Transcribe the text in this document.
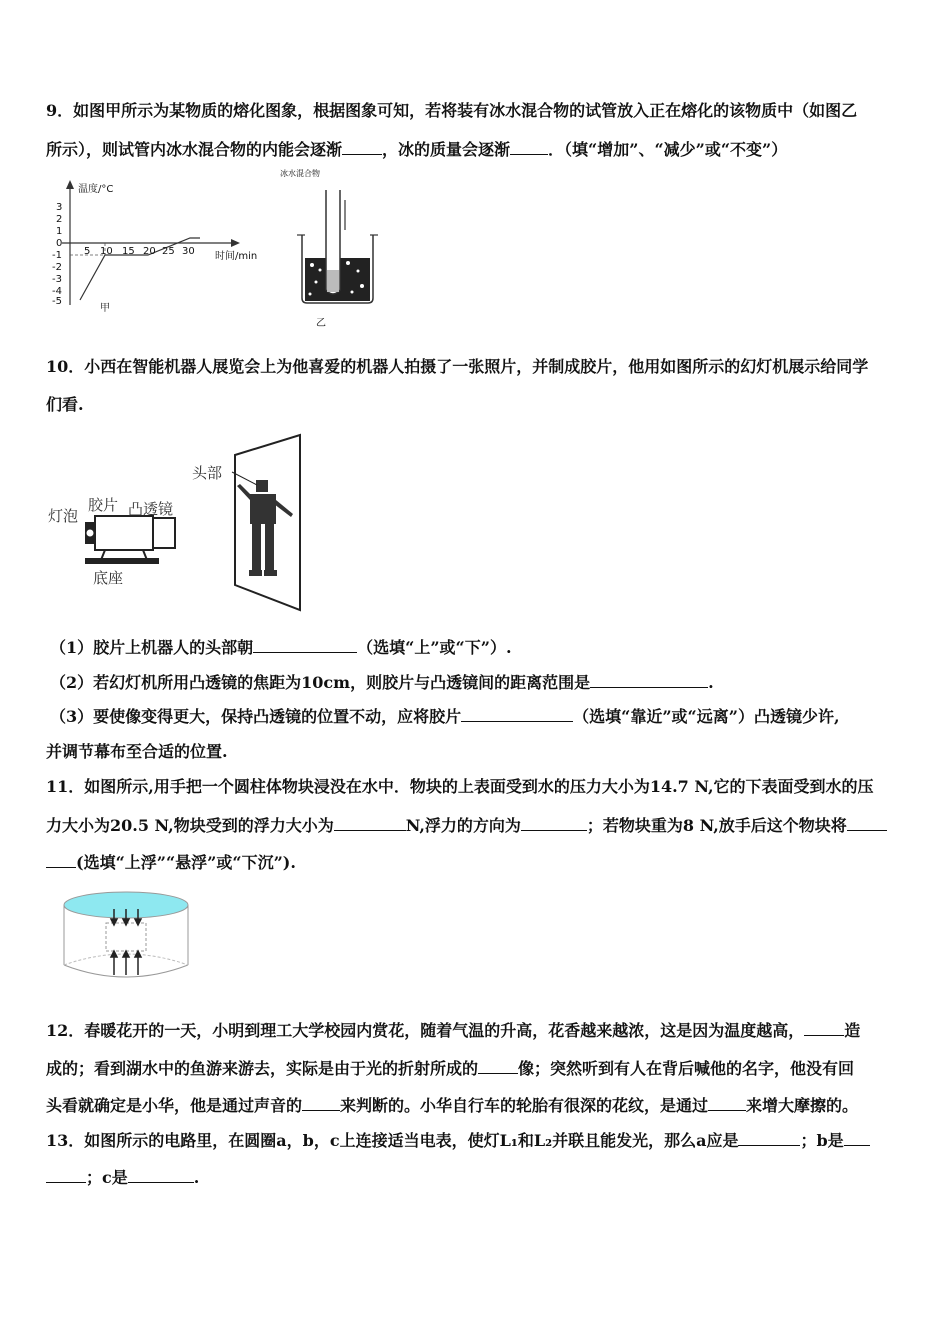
9．如图甲所示为某物质的熔化图象，根据图象可知，若将装有冰水混合物的试管放入正在熔化的该物质中（如图乙
所示），则试管内冰水混合物的内能会逐渐	，冰的质量会逐渐 ．（填“增加”、“减少”或“不变”）
温度/°C
时间/min
3
2
1
0
-1
-2
-3
-4
-5
5 10 15 20 25 30
甲
冰水混合物
乙
10．小西在智能机器人展览会上为他喜爱的机器人拍摄了一张照片，并制成胶片，他用如图所示的幻灯机展示给同学
们看.
灯泡
胶片 凸透镜
底座
头部
（1）胶片上机器人的头部朝	（选填“上”或“下”）.
（2）若幻灯机所用凸透镜的焦距为10cm，则胶片与凸透镜间的距离范围是	.
（3）要使像变得更大，保持凸透镜的位置不动，应将胶片	（选填“靠近”或“远离”）凸透镜少许,
并调节幕布至合适的位置.
11．如图所示,用手把一个圆柱体物块浸没在水中．物块的上表面受到水的压力大小为14.7 N,它的下表面受到水的压
力大小为20.5 N,物块受到的浮力大小为	N,浮力的方向为	；若物块重为8 N,放手后这个物块将
(选填“上浮”“悬浮”或“下沉”).
12．春暖花开的一天，小明到理工大学校园内赏花，随着气温的升高，花香越来越浓，这是因为温度越高，	造
成的；看到湖水中的鱼游来游去，实际是由于光的折射所成的	像；突然听到有人在背后喊他的名字，他没有回
头看就确定是小华，他是通过声音的 来判断的。小华自行车的轮胎有很深的花纹，是通过 来增大摩擦的。
13．如图所示的电路里，在圆圈a，b，c上连接适当电表，使灯L₁和L₂并联且能发光，那么a应是	；b是
；c是	.
